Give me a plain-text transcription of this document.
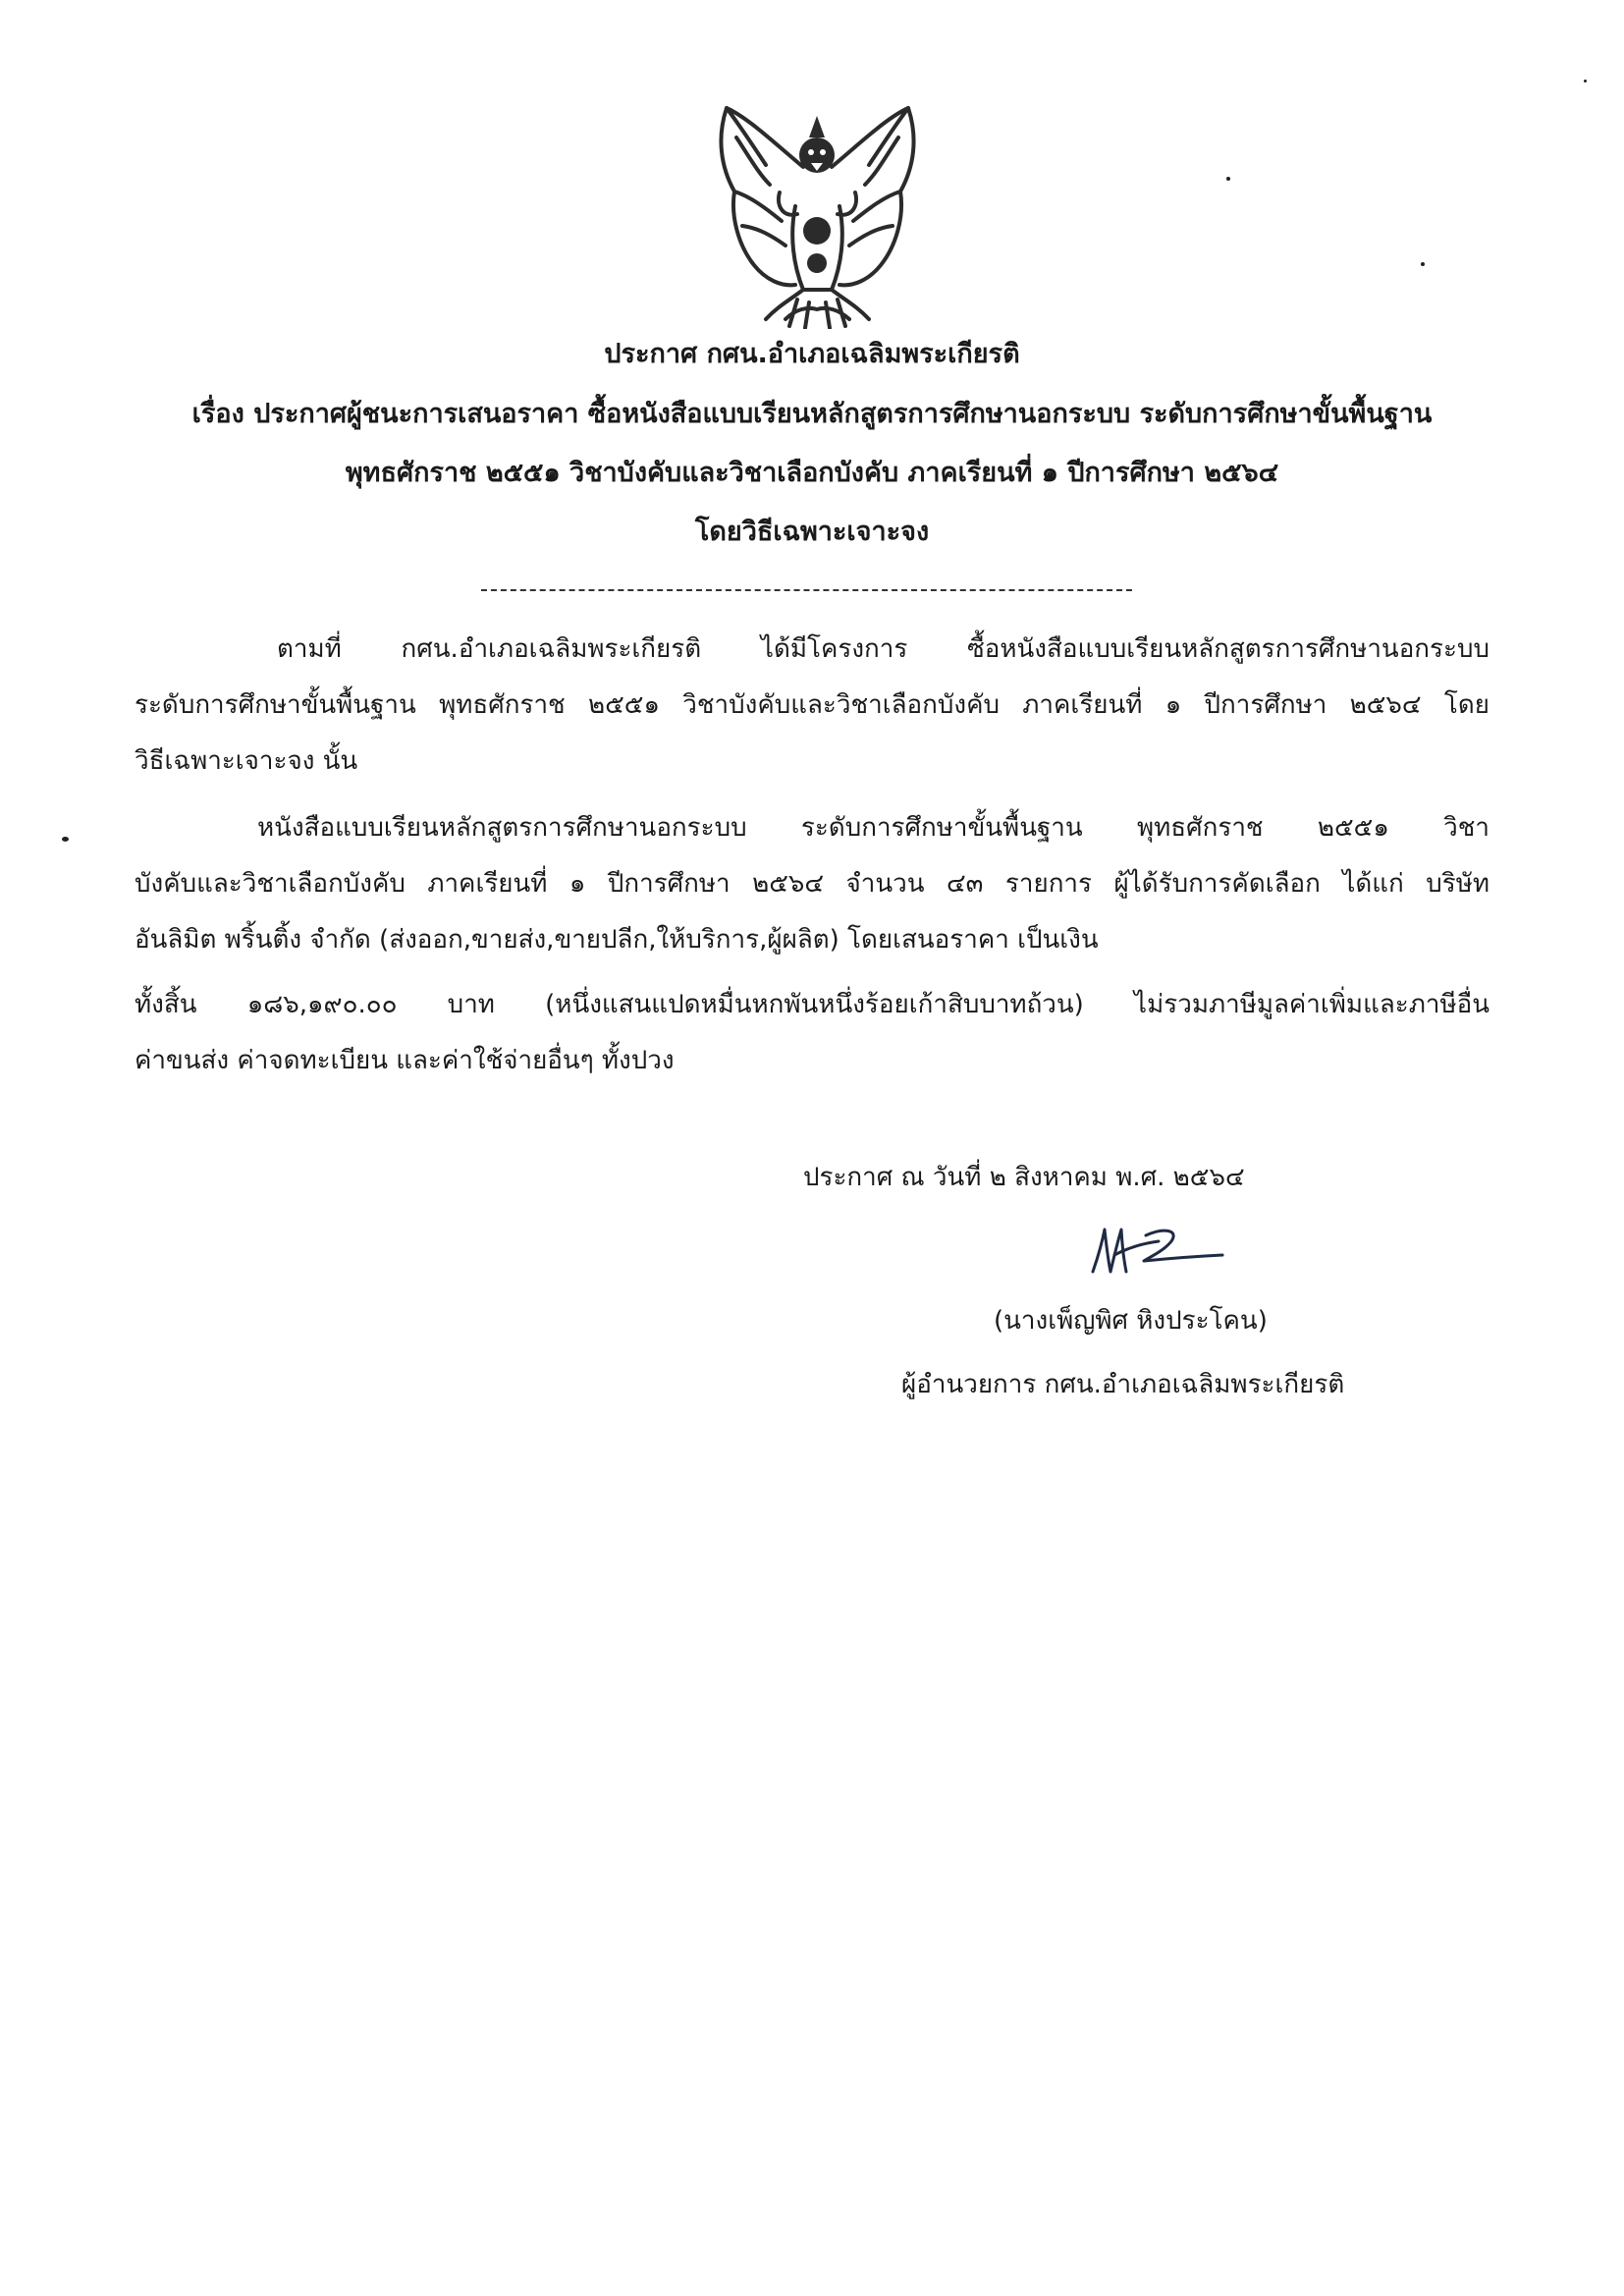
ประกาศ กศน.อำเภอเฉลิมพระเกียรติ
เรื่อง ประกาศผู้ชนะการเสนอราคา ซื้อหนังสือแบบเรียนหลักสูตรการศึกษานอกระบบ ระดับการศึกษาขั้นพื้นฐาน
พุทธศักราช ๒๕๕๑ วิชาบังคับและวิชาเลือกบังคับ ภาคเรียนที่ ๑ ปีการศึกษา ๒๕๖๔
โดยวิธีเฉพาะเจาะจง
ตามที่ กศน.อำเภอเฉลิมพระเกียรติ ได้มีโครงการ ซื้อหนังสือแบบเรียนหลักสูตรการศึกษานอกระบบ
ระดับการศึกษาขั้นพื้นฐาน พุทธศักราช ๒๕๕๑ วิชาบังคับและวิชาเลือกบังคับ ภาคเรียนที่ ๑ ปีการศึกษา ๒๕๖๔ โดย
วิธีเฉพาะเจาะจง นั้น
หนังสือแบบเรียนหลักสูตรการศึกษานอกระบบ ระดับการศึกษาขั้นพื้นฐาน พุทธศักราช ๒๕๕๑ วิชา
บังคับและวิชาเลือกบังคับ ภาคเรียนที่ ๑ ปีการศึกษา ๒๕๖๔ จำนวน ๔๓ รายการ ผู้ได้รับการคัดเลือก ได้แก่ บริษัท
อันลิมิต พริ้นติ้ง จำกัด (ส่งออก,ขายส่ง,ขายปลีก,ให้บริการ,ผู้ผลิต) โดยเสนอราคา เป็นเงิน
ทั้งสิ้น ๑๘๖,๑๙๐.๐๐ บาท (หนึ่งแสนแปดหมื่นหกพันหนึ่งร้อยเก้าสิบบาทถ้วน) ไม่รวมภาษีมูลค่าเพิ่มและภาษีอื่น
ค่าขนส่ง ค่าจดทะเบียน และค่าใช้จ่ายอื่นๆ ทั้งปวง
ประกาศ ณ วันที่ ๒ สิงหาคม พ.ศ. ๒๕๖๔
(นางเพ็ญพิศ หิงประโคน)
ผู้อำนวยการ กศน.อำเภอเฉลิมพระเกียรติ
